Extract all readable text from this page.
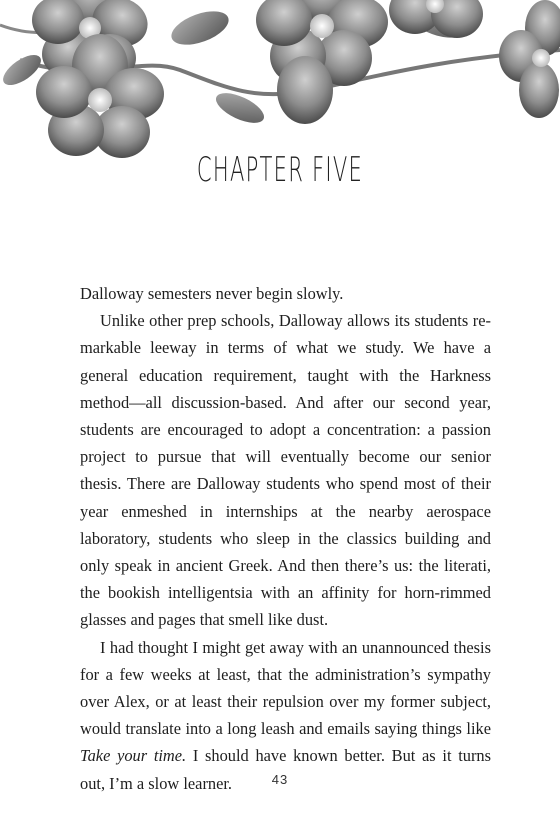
CHAPTER FIVE

Dalloway semesters never begin slowly.

Unlike other prep schools, Dalloway allows its students remarkable leeway in terms of what we study. We have a general education requirement, taught with the Harkness method—all discussion-based. And after our second year, students are encouraged to adopt a concentration: a passion project to pursue that will eventually become our senior thesis. There are Dalloway students who spend most of their year enmeshed in internships at the nearby aerospace laboratory, students who sleep in the classics building and only speak in ancient Greek. And then there’s us: the literati, the bookish intelligentsia with an affinity for horn-rimmed glasses and pages that smell like dust.

I had thought I might get away with an unannounced thesis for a few weeks at least, that the administration’s sympathy over Alex, or at least their repulsion over my former subject, would translate into a long leash and emails saying things like Take your time. I should have known better. But as it turns out, I’m a slow learner.	43
